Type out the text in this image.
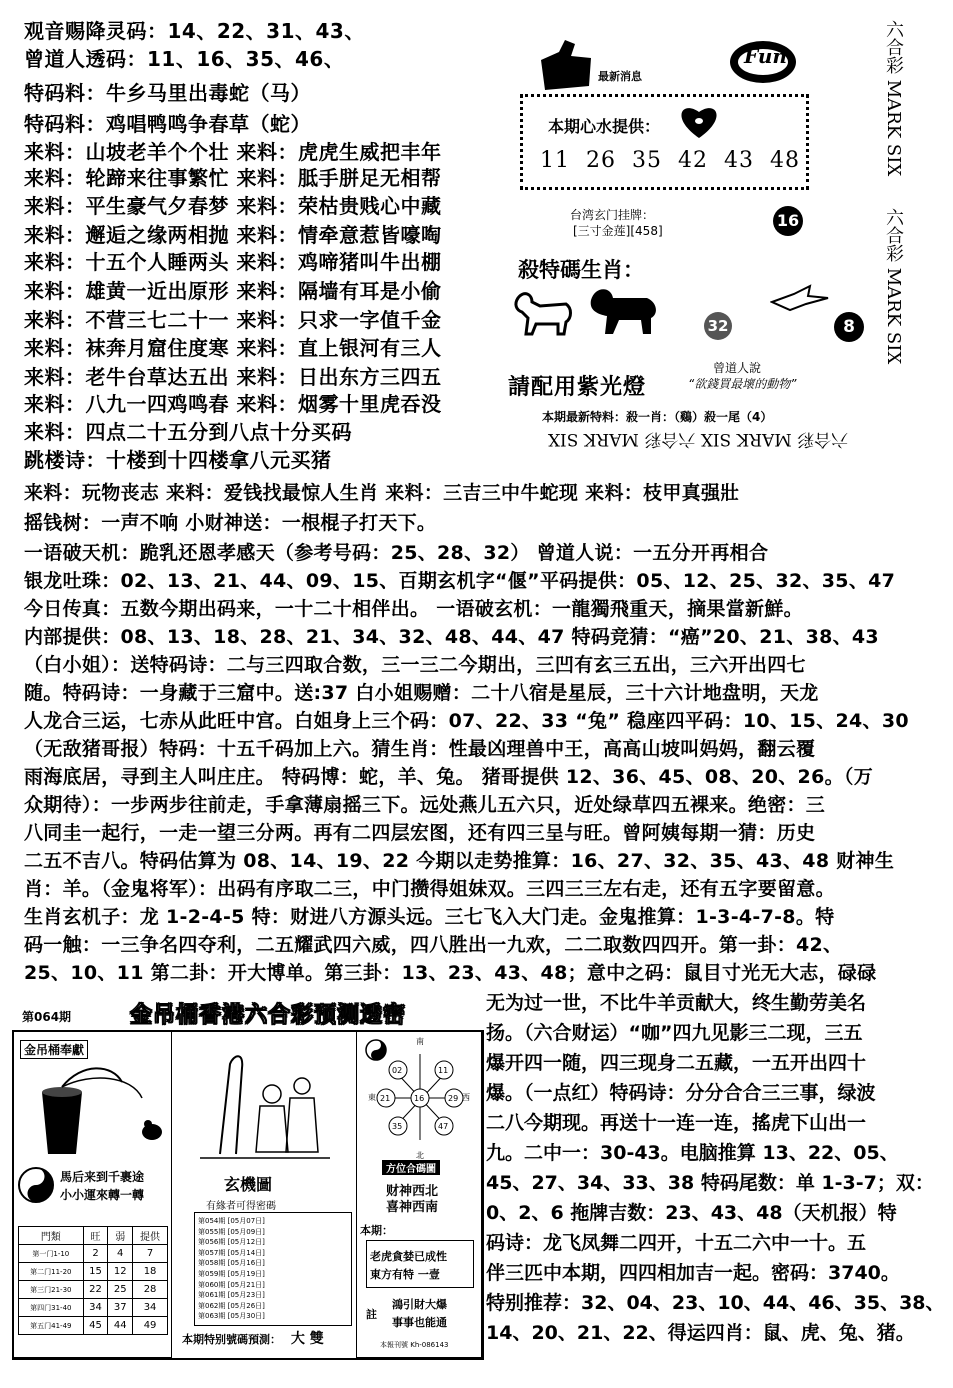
观音赐降灵码：14、22、31、43、
曾道人透码：11、16、35、46、
特码料：牛乡马里出毒蛇（马）
特码料：鸡唱鸭鸣争春草（蛇）
来料：山坡老羊个个壮 来料：虎虎生威把丰年
来料：轮蹄来往事繁忙 来料：胝手胼足无相帮
来料：平生豪气夕春梦 来料：荣枯贵贱心中藏
来料：邂逅之缘两相抛 来料：情牵意惹皆嚎啕
来料：十五个人睡两头 来料：鸡啼猪叫牛出棚
来料：雄黄一近出原形 来料：隔墙有耳是小偷
来料：不营三七二十一 来料：只求一字值千金
来料：袜奔月窟住度寒 来料：直上银河有三人
来料：老牛台草达五出 来料：日出东方三四五
来料：八九一四鸡鸣春 来料：烟雾十里虎吞没
来料：四点二十五分到八点十分买码
跳楼诗：十楼到十四楼拿八元买猪
最新消息
Fun
本期心水提供：
11 26 35 42 43 48
台湾玄门挂牌：
[三寸金莲][458]
16
殺特碼生肖：
32	8
請配用紫光燈
曾道人說
“欲錢買最壞的動物”
本期最新特料：殺一肖：（鷄）殺一尾（4）
六合彩 MARK SIX
六合彩 MARK SIX
六合彩 MARK SIX 六合彩 MARK SIX
来料：玩物丧志 来料：爱钱找最惊人生肖 来料：三吉三中牛蛇现 来料：枝甲真强壯
摇钱树：一声不响 小财神送：一根棍子打天下。
一语破天机：跪乳还恩孝感天（参考号码：25、28、32） 曾道人说：一五分开再相合
银龙吐珠：02、13、21、44、09、15、百期玄机字“偃”平码提供：05、12、25、32、35、47
今日传真：五数今期出码来，一十二十相伴出。 一语破玄机：一龍獨飛重天，摘果當新鮮。
内部提供：08、13、18、28、21、34、32、48、44、47 特码竞猜：“癌”20、21、38、43
（白小姐）：送特码诗：二与三四取合数，三一三二今期出，三凹有玄三五出，三六开出四七
随。特码诗：一身藏于三窟中。送:37 白小姐赐赠：二十八宿是星辰，三十六计地盘明，天龙
人龙合三运，七赤从此旺中宫。白姐身上三个码：07、22、33 “兔” 稳座四平码：10、15、24、30
（无敌猪哥报）特码：十五千码加上六。猜生肖：性最凶理兽中王，高高山坡叫妈妈，翻云覆
雨海底居，寻到主人叫庄庄。 特码博：蛇，羊、兔。 猪哥提供 12、36、45、08、20、26。（万
众期待）：一步两步往前走，手拿薄扇摇三下。远处燕儿五六只，近处绿草四五裸来。绝密：三
八同圭一起行，一走一望三分两。再有二四层宏图，还有四三呈与旺。曾阿姨每期一猜：历史
二五不吉八。特码估算为 08、14、19、22 今期以走势推算：16、27、32、35、43、48 财神生
肖：羊。（金鬼将军）：出码有序取二三，中门攒得姐妹双。三四三三左右走，还有五字要留意。
生肖玄机子：龙 1-2-4-5 特：财进八方源头远。三七飞入大门走。金鬼推算：1-3-4-7-8。特
码一触：一三争名四夺利，二五耀武四六威，四八胜出一九欢，二二取数四四开。第一卦：42、
25、10、11 第二卦：开大博单。第三卦：13、23、43、48；意中之码：鼠目寸光无大志，碌碌
无为过一世，不比牛羊贡献大，终生勤劳美名
扬。（六合财运）“咖”四九见影三二现，三五
爆开四一随，四三现身二五藏，一五开出四十
爆。（一点红）特码诗：分分合合三三事，绿波
二八今期现。再送十一连一连，搖虎下山出一
九。二中一：30-43。电脑推算 13、22、05、
45、27、34、33、38 特码尾数：单 1-3-7；双：
0、2、6 拖牌吉数：23、43、48（天机报）特
码诗：龙飞凤舞二四开，十五二六中一十。五
伴三匹中本期，四四相加吉一起。密码：3740。
特别推荐：32、04、23、10、44、46、35、38、
14、20、21、22、得运四肖：鼠、虎、兔、猪。
第064期	金吊桶香港六合彩预测透密
金吊桶奉獻
馬后来到千裹途
小小運來轉一轉
門類	旺	弱	提供
第一门1-10	2	4	7
第二门11-20	15	12	18
第三门21-30	22	25	28
第四门31-40	34	37	34
第五门41-49	45	44	49
玄機圖
有緣者可得密碼
第054期 [05月07日]
第055期 [05月09日]
第056期 [05月12日]
第057期 [05月14日]
第058期 [05月16日]
第059期 [05月19日]
第060期 [05月21日]
第061期 [05月23日]
第062期 [05月26日]
第063期 [05月30日]
本期特别號碼預測： 大 雙
南
東	西
北
02	11
29
16
35	47
21
方位合碼圖
财神西北
喜神西南
本期：
老虎貪婪已成性
東方有特 一壹
註
鴻引財大爆
事事也能通
本報刊號 Kh-086143
